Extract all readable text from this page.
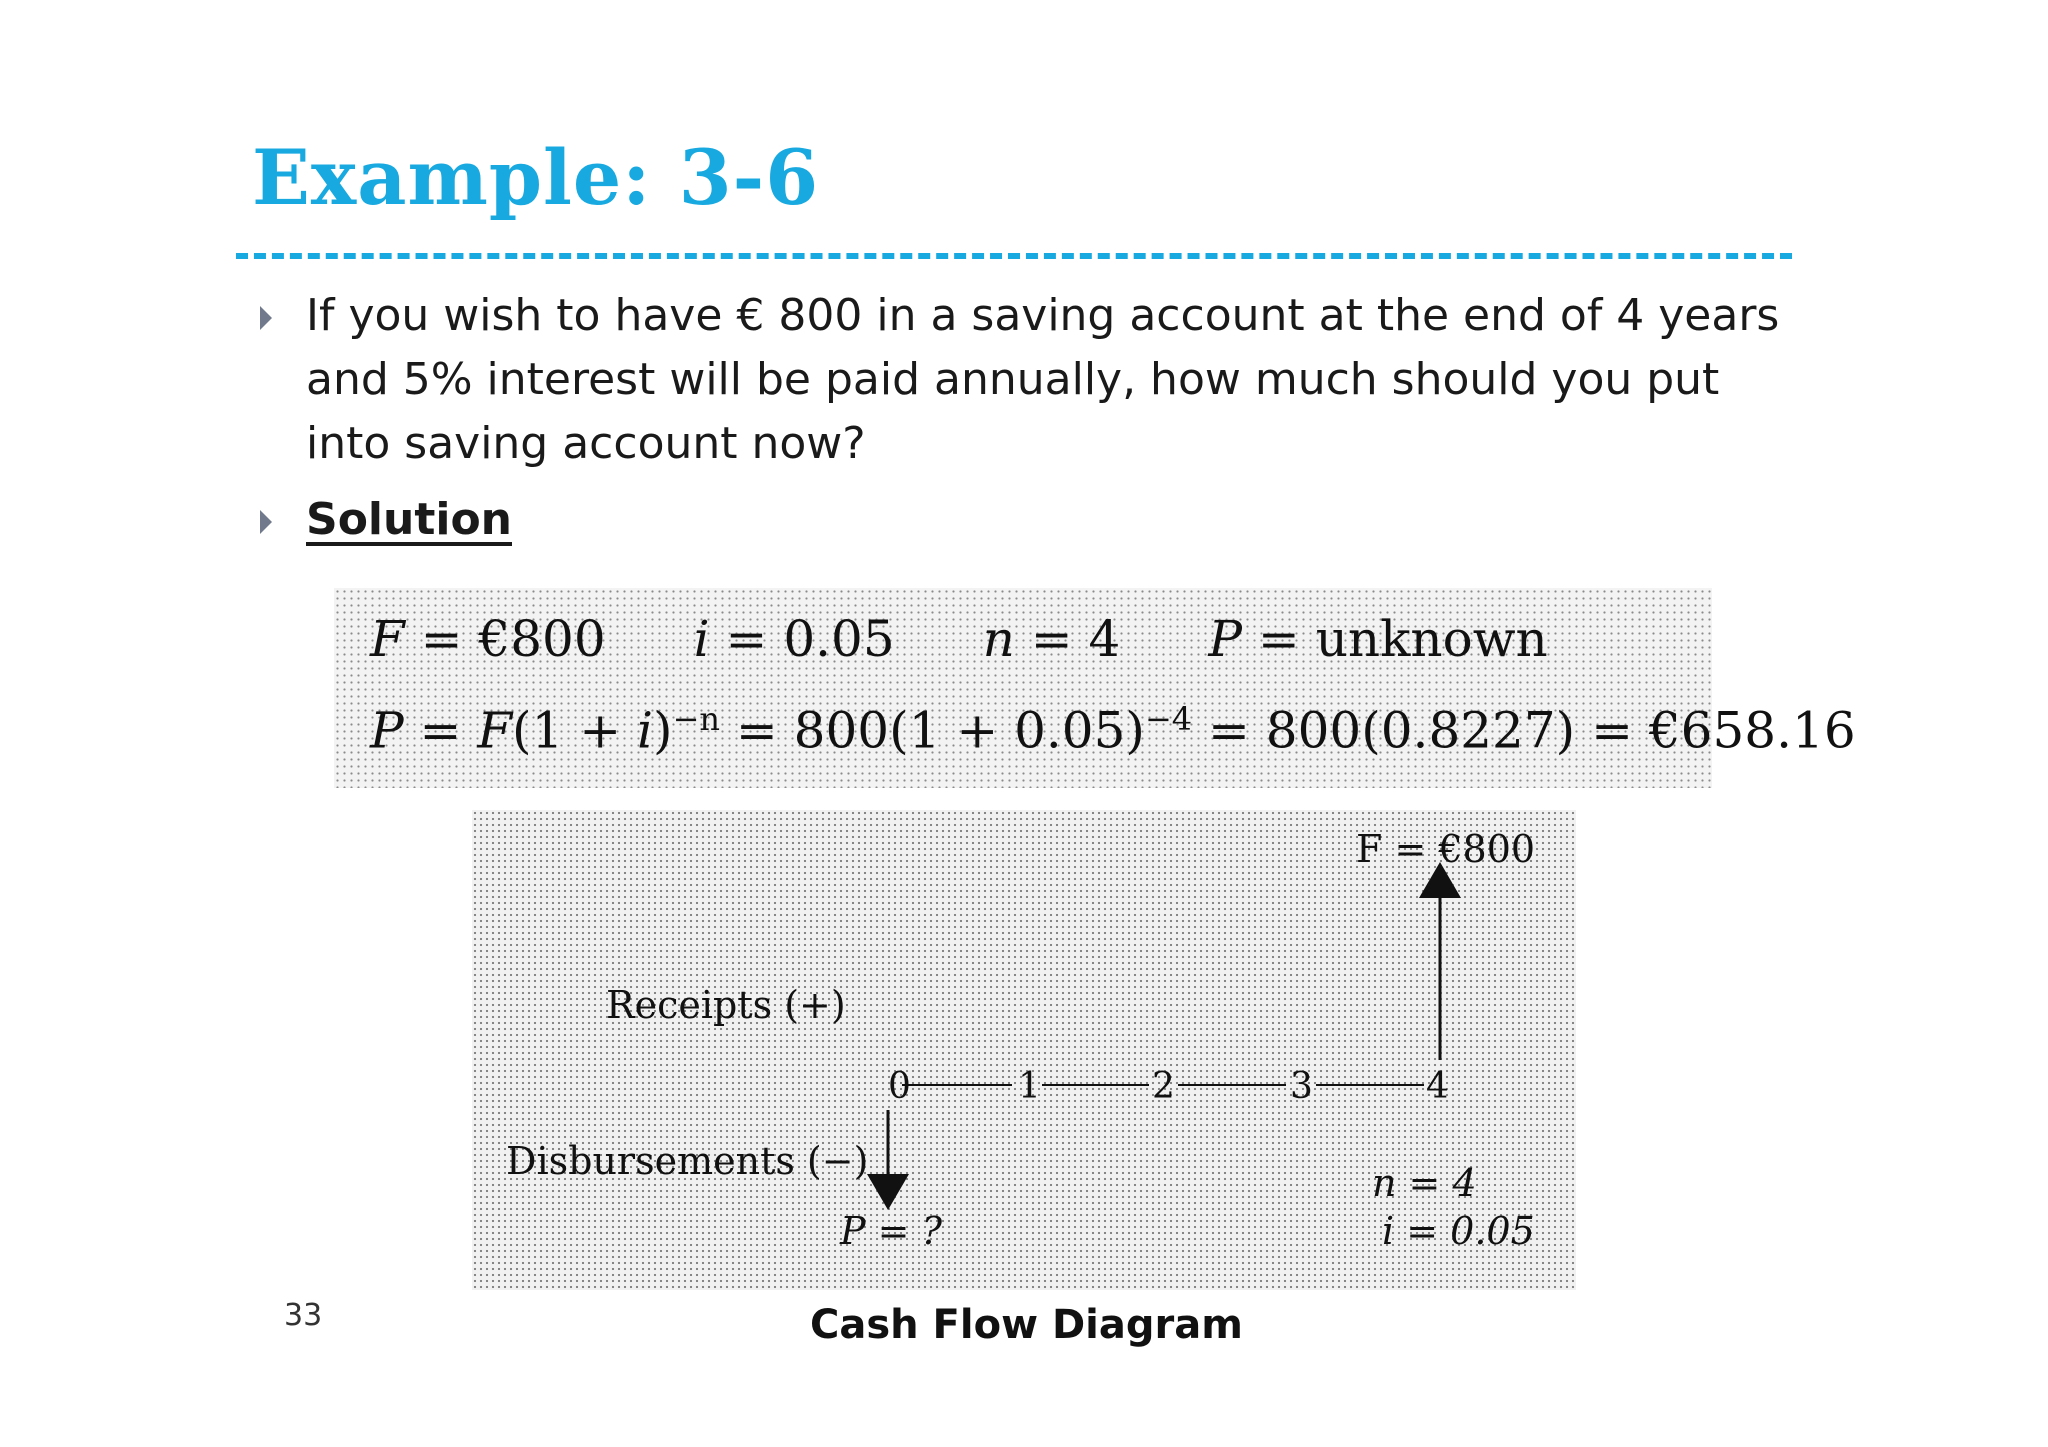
Example: 3-6
If you wish to have € 800 in a saving account at the end of 4 years and 5% interest will be paid annually, how much should you put into saving account now?
Solution
F = €800 i = 0.05 n = 4 P = unknown
$P = F(1 + i)^{-n} = 800(1 + 0.05)^{-4} = 800(0.8227)$ = €658.16
0	1	2	3	4
F = €800
Receipts (+)
Disbursements (−)
P = ?
n = 4
i = 0.05
Cash Flow Diagram
33
